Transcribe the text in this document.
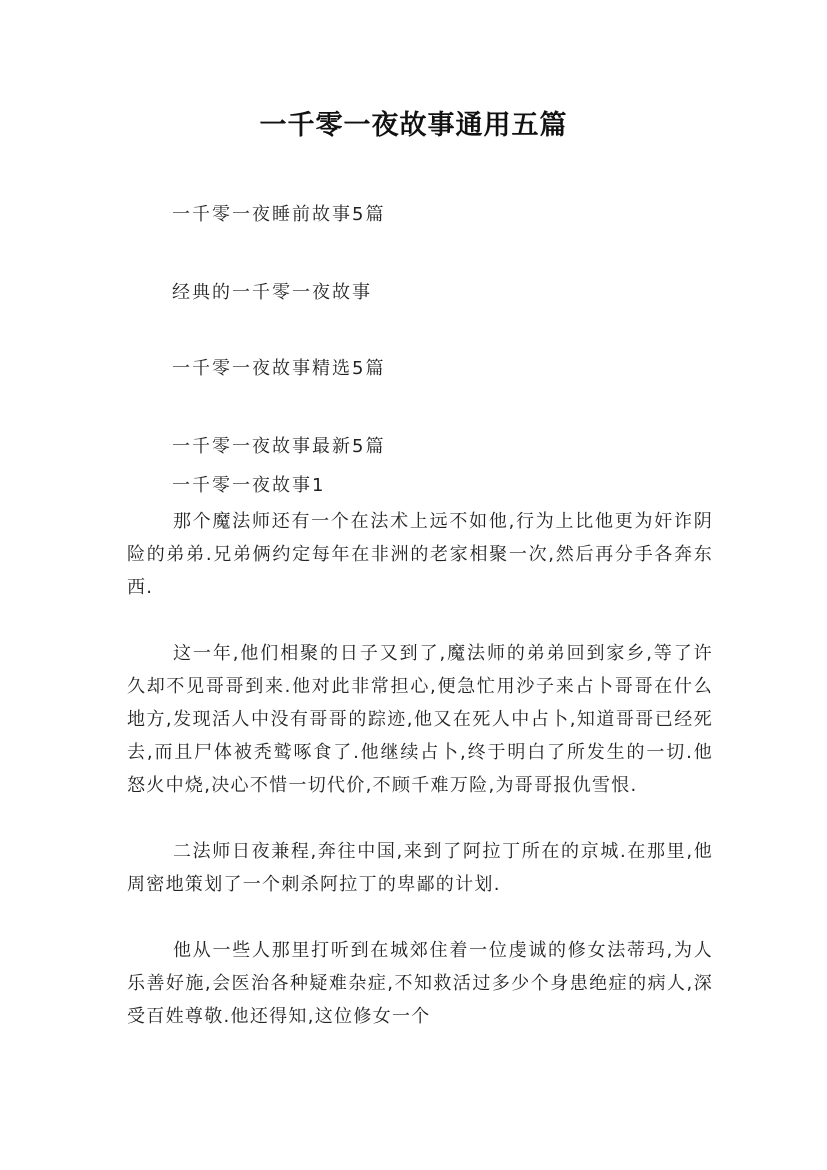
一千零一夜故事通用五篇

一千零一夜睡前故事5篇

经典的一千零一夜故事

一千零一夜故事精选5篇

一千零一夜故事最新5篇

一千零一夜故事1

那个魔法师还有一个在法术上远不如他,行为上比他更为奸诈阴险的弟弟.兄弟俩约定每年在非洲的老家相聚一次,然后再分手各奔东西.

这一年,他们相聚的日子又到了,魔法师的弟弟回到家乡,等了许久却不见哥哥到来.他对此非常担心,便急忙用沙子来占卜哥哥在什么地方,发现活人中没有哥哥的踪迹,他又在死人中占卜,知道哥哥已经死去,而且尸体被秃鹫啄食了.他继续占卜,终于明白了所发生的一切.他怒火中烧,决心不惜一切代价,不顾千难万险,为哥哥报仇雪恨.

二法师日夜兼程,奔往中国,来到了阿拉丁所在的京城.在那里,他周密地策划了一个刺杀阿拉丁的卑鄙的计划.

他从一些人那里打听到在城郊住着一位虔诚的修女法蒂玛,为人乐善好施,会医治各种疑难杂症,不知救活过多少个身患绝症的病人,深受百姓尊敬.他还得知,这位修女一个
